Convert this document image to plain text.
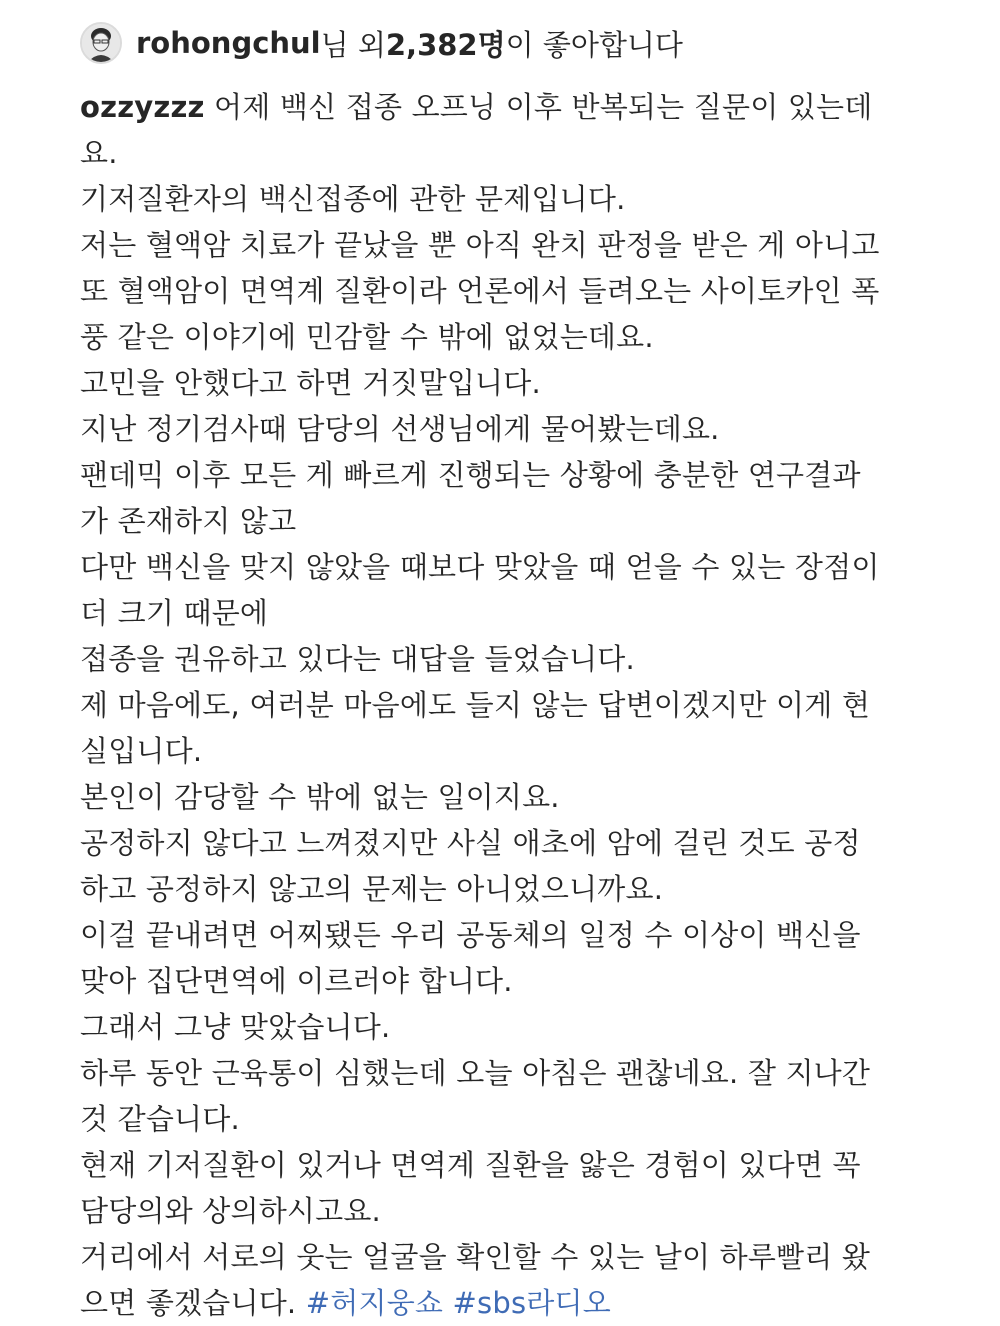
rohongchul 님 외 2,382명 이 좋아합니다

ozzyzzz 어제 백신 접종 오프닝 이후 반복되는 질문이 있는데

요.

기저질환자의 백신접종에 관한 문제입니다.

저는 혈액암 치료가 끝났을 뿐 아직 완치 판정을 받은 게 아니고

또 혈액암이 면역계 질환이라 언론에서 들려오는 사이토카인 폭

풍 같은 이야기에 민감할 수 밖에 없었는데요.

고민을 안했다고 하면 거짓말입니다.

지난 정기검사때 담당의 선생님에게 물어봤는데요.

팬데믹 이후 모든 게 빠르게 진행되는 상황에 충분한 연구결과

가 존재하지 않고

다만 백신을 맞지 않았을 때보다 맞았을 때 얻을 수 있는 장점이

더 크기 때문에

접종을 권유하고 있다는 대답을 들었습니다.

제 마음에도, 여러분 마음에도 들지 않는 답변이겠지만 이게 현

실입니다.

본인이 감당할 수 밖에 없는 일이지요.

공정하지 않다고 느껴졌지만 사실 애초에 암에 걸린 것도 공정

하고 공정하지 않고의 문제는 아니었으니까요.

이걸 끝내려면 어찌됐든 우리 공동체의 일정 수 이상이 백신을

맞아 집단면역에 이르러야 합니다.

그래서 그냥 맞았습니다.

하루 동안 근육통이 심했는데 오늘 아침은 괜찮네요. 잘 지나간

것 같습니다.

현재 기저질환이 있거나 면역계 질환을 앓은 경험이 있다면 꼭

담당의와 상의하시고요.

거리에서 서로의 웃는 얼굴을 확인할 수 있는 날이 하루빨리 왔

으면 좋겠습니다. #허지웅쇼 #sbs라디오
